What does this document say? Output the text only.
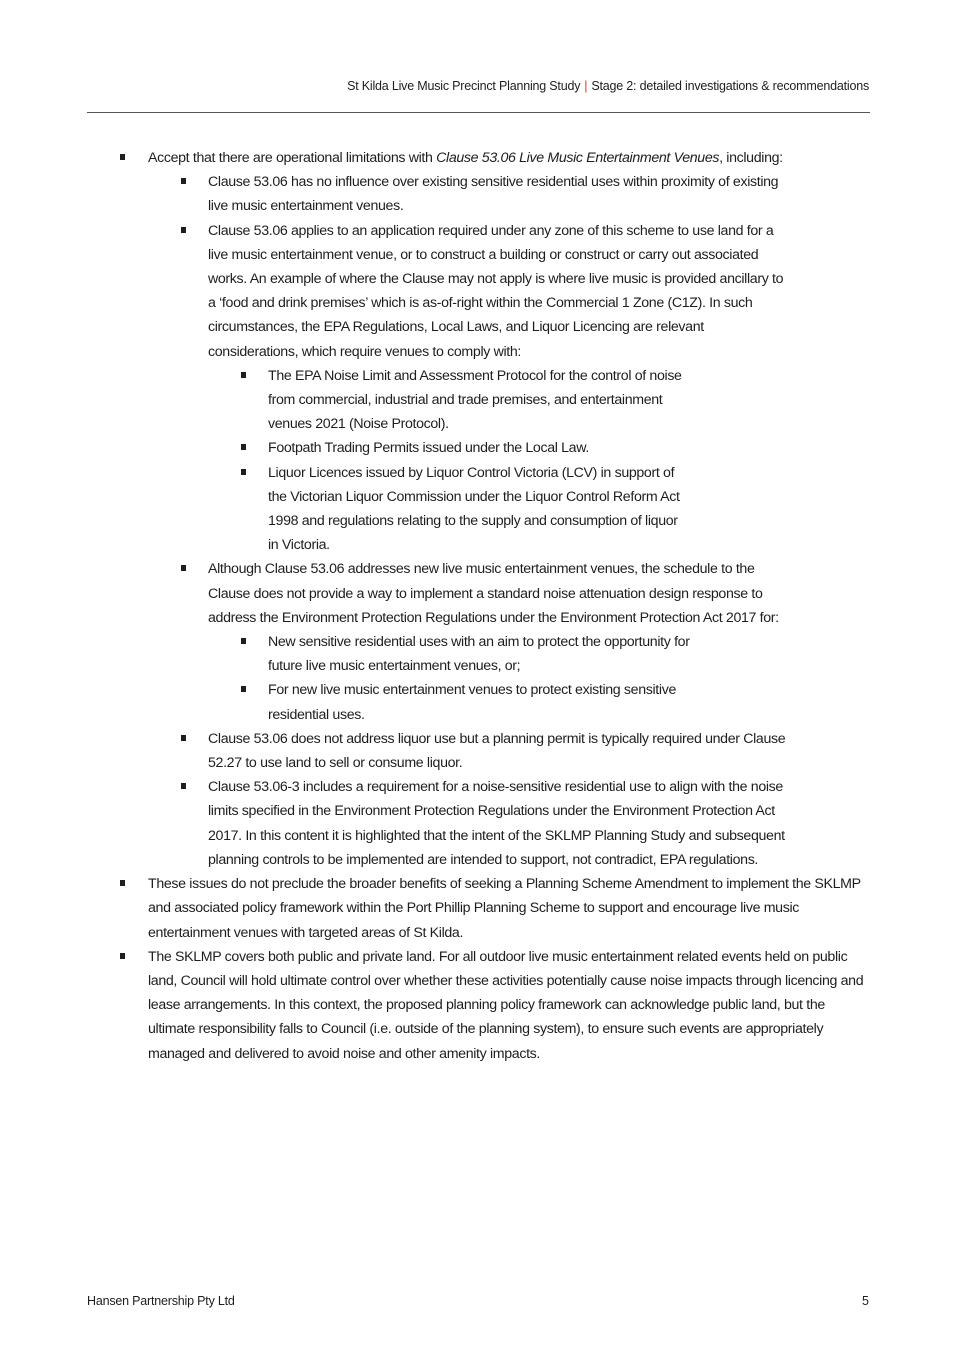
St Kilda Live Music Precinct Planning Study | Stage 2: detailed investigations & recommendations
Accept that there are operational limitations with Clause 53.06 Live Music Entertainment Venues, including:
Clause 53.06 has no influence over existing sensitive residential uses within proximity of existing live music entertainment venues.
Clause 53.06 applies to an application required under any zone of this scheme to use land for a live music entertainment venue, or to construct a building or construct or carry out associated works. An example of where the Clause may not apply is where live music is provided ancillary to a ‘food and drink premises’ which is as-of-right within the Commercial 1 Zone (C1Z). In such circumstances, the EPA Regulations, Local Laws, and Liquor Licencing are relevant considerations, which require venues to comply with:
The EPA Noise Limit and Assessment Protocol for the control of noise from commercial, industrial and trade premises, and entertainment venues 2021 (Noise Protocol).
Footpath Trading Permits issued under the Local Law.
Liquor Licences issued by Liquor Control Victoria (LCV) in support of the Victorian Liquor Commission under the Liquor Control Reform Act 1998 and regulations relating to the supply and consumption of liquor in Victoria.
Although Clause 53.06 addresses new live music entertainment venues, the schedule to the Clause does not provide a way to implement a standard noise attenuation design response to address the Environment Protection Regulations under the Environment Protection Act 2017 for:
New sensitive residential uses with an aim to protect the opportunity for future live music entertainment venues, or;
For new live music entertainment venues to protect existing sensitive residential uses.
Clause 53.06 does not address liquor use but a planning permit is typically required under Clause 52.27 to use land to sell or consume liquor.
Clause 53.06-3 includes a requirement for a noise-sensitive residential use to align with the noise limits specified in the Environment Protection Regulations under the Environment Protection Act 2017. In this content it is highlighted that the intent of the SKLMP Planning Study and subsequent planning controls to be implemented are intended to support, not contradict, EPA regulations.
These issues do not preclude the broader benefits of seeking a Planning Scheme Amendment to implement the SKLMP and associated policy framework within the Port Phillip Planning Scheme to support and encourage live music entertainment venues with targeted areas of St Kilda.
The SKLMP covers both public and private land. For all outdoor live music entertainment related events held on public land, Council will hold ultimate control over whether these activities potentially cause noise impacts through licencing and lease arrangements. In this context, the proposed planning policy framework can acknowledge public land, but the ultimate responsibility falls to Council (i.e. outside of the planning system), to ensure such events are appropriately managed and delivered to avoid noise and other amenity impacts.
Hansen Partnership Pty Ltd	5
